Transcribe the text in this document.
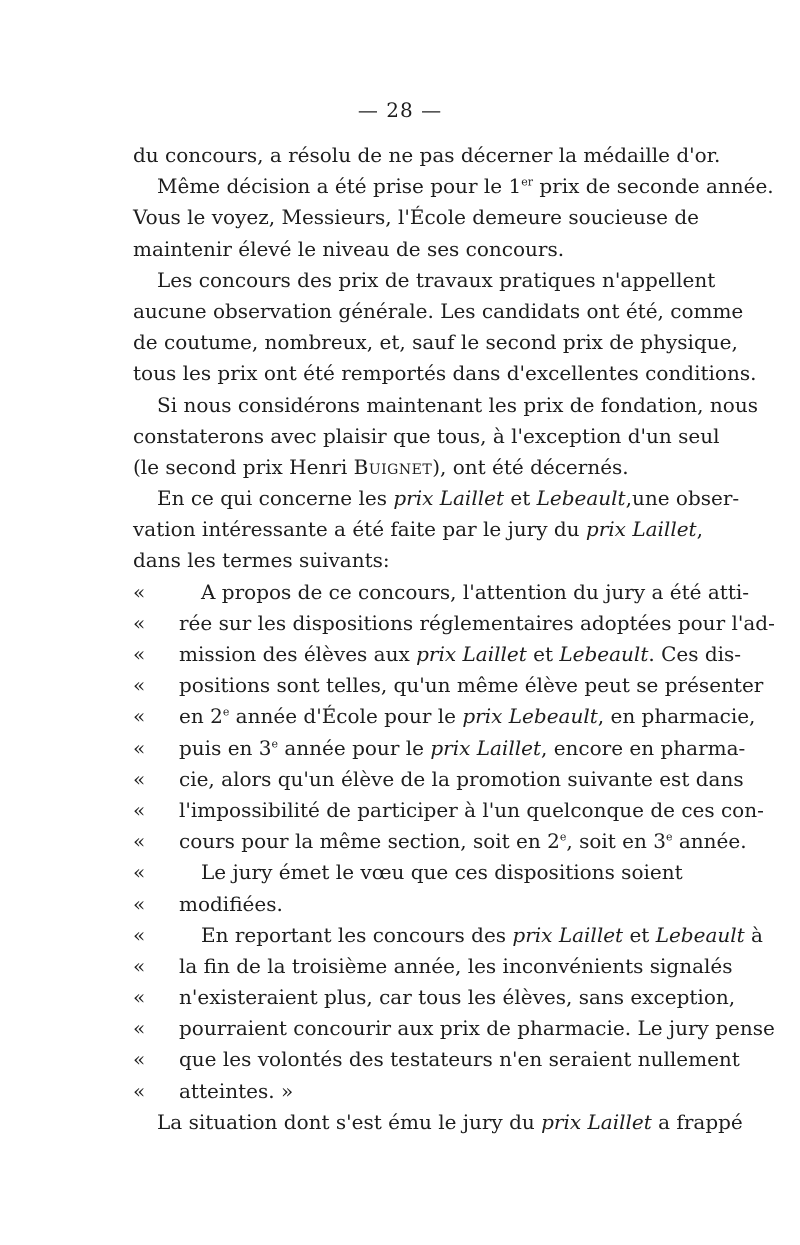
— 28 —
du concours, a résolu de ne pas décerner la médaille d'or.
Même décision a été prise pour le 1er prix de seconde année.
Vous le voyez, Messieurs, l'École demeure soucieuse de
maintenir élevé le niveau de ses concours.
Les concours des prix de travaux pratiques n'appellent
aucune observation générale. Les candidats ont été, comme
de coutume, nombreux, et, sauf le second prix de physique,
tous les prix ont été remportés dans d'excellentes conditions.
Si nous considérons maintenant les prix de fondation, nous
constaterons avec plaisir que tous, à l'exception d'un seul
(le second prix Henri Buignet), ont été décernés.
En ce qui concerne les prix Laillet et Lebeault,une obser-
vation intéressante a été faite par le jury du prix Laillet,
dans les termes suivants:
«	A propos de ce concours, l'attention du jury a été atti-
« rée sur les dispositions réglementaires adoptées pour l'ad-
« mission des élèves aux prix Laillet et Lebeault. Ces dis-
« positions sont telles, qu'un même élève peut se présenter
« en 2e année d'École pour le prix Lebeault, en pharmacie,
« puis en 3e année pour le prix Laillet, encore en pharma-
« cie, alors qu'un élève de la promotion suivante est dans
« l'impossibilité de participer à l'un quelconque de ces con-
« cours pour la même section, soit en 2e, soit en 3e année.
«	Le jury émet le vœu que ces dispositions soient
« modifiées.
«	En reportant les concours des prix Laillet et Lebeault à
« la fin de la troisième année, les inconvénients signalés
« n'existeraient plus, car tous les élèves, sans exception,
« pourraient concourir aux prix de pharmacie. Le jury pense
« que les volontés des testateurs n'en seraient nullement
« atteintes. »
La situation dont s'est ému le jury du prix Laillet a frappé
